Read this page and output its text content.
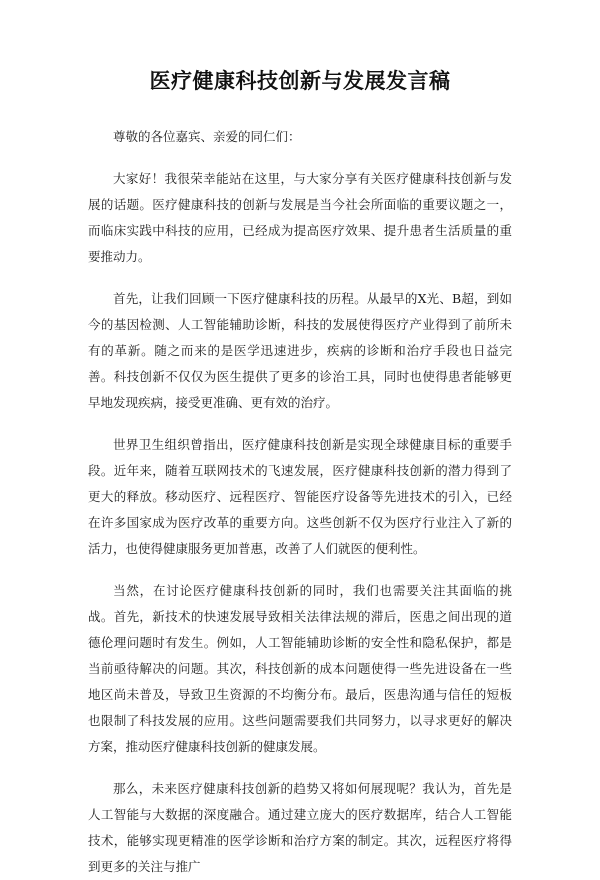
医疗健康科技创新与发展发言稿

尊敬的各位嘉宾、亲爱的同仁们：

大家好！我很荣幸能站在这里，与大家分享有关医疗健康科技创新与发展的话题。医疗健康科技的创新与发展是当今社会所面临的重要议题之一，而临床实践中科技的应用，已经成为提高医疗效果、提升患者生活质量的重要推动力。

首先，让我们回顾一下医疗健康科技的历程。从最早的X光、B超，到如今的基因检测、人工智能辅助诊断，科技的发展使得医疗产业得到了前所未有的革新。随之而来的是医学迅速进步，疾病的诊断和治疗手段也日益完善。科技创新不仅仅为医生提供了更多的诊治工具，同时也使得患者能够更早地发现疾病，接受更准确、更有效的治疗。

世界卫生组织曾指出，医疗健康科技创新是实现全球健康目标的重要手段。近年来，随着互联网技术的飞速发展，医疗健康科技创新的潜力得到了更大的释放。移动医疗、远程医疗、智能医疗设备等先进技术的引入，已经在许多国家成为医疗改革的重要方向。这些创新不仅为医疗行业注入了新的活力，也使得健康服务更加普惠，改善了人们就医的便利性。

当然，在讨论医疗健康科技创新的同时，我们也需要关注其面临的挑战。首先，新技术的快速发展导致相关法律法规的滞后，医患之间出现的道德伦理问题时有发生。例如，人工智能辅助诊断的安全性和隐私保护，都是当前亟待解决的问题。其次，科技创新的成本问题使得一些先进设备在一些地区尚未普及，导致卫生资源的不均衡分布。最后，医患沟通与信任的短板也限制了科技发展的应用。这些问题需要我们共同努力，以寻求更好的解决方案，推动医疗健康科技创新的健康发展。

那么，未来医疗健康科技创新的趋势又将如何展现呢？我认为，首先是人工智能与大数据的深度融合。通过建立庞大的医疗数据库，结合人工智能技术，能够实现更精准的医学诊断和治疗方案的制定。其次，远程医疗将得到更多的关注与推广
